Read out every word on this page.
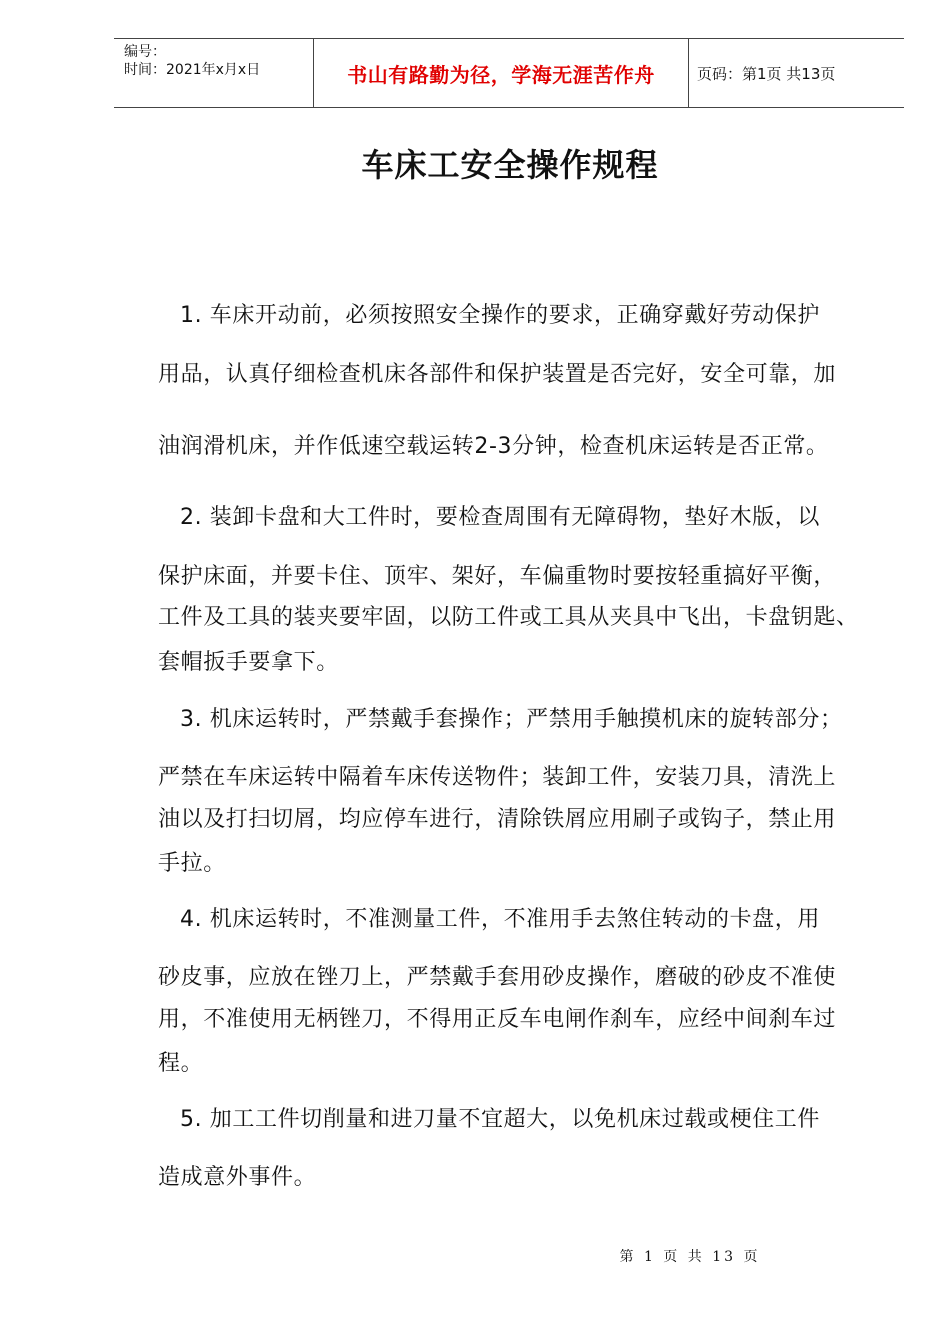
编号：
时间：2021年x月x日	书山有路勤为径，学海无涯苦作舟	页码：第1页 共13页
车床工安全操作规程
1. 车床开动前，必须按照安全操作的要求，正确穿戴好劳动保护
用品，认真仔细检查机床各部件和保护装置是否完好，安全可靠，加
油润滑机床，并作低速空载运转2-3分钟，检查机床运转是否正常。
2. 装卸卡盘和大工件时，要检查周围有无障碍物，垫好木版，以
保护床面，并要卡住、顶牢、架好，车偏重物时要按轻重搞好平衡，
工件及工具的装夹要牢固，以防工件或工具从夹具中飞出，卡盘钥匙、
套帽扳手要拿下。
3. 机床运转时，严禁戴手套操作；严禁用手触摸机床的旋转部分；
严禁在车床运转中隔着车床传送物件；装卸工件，安装刀具，清洗上
油以及打扫切屑，均应停车进行，清除铁屑应用刷子或钩子，禁止用
手拉。
4. 机床运转时，不准测量工件，不准用手去煞住转动的卡盘，用
砂皮事，应放在锉刀上，严禁戴手套用砂皮操作，磨破的砂皮不准使
用，不准使用无柄锉刀，不得用正反车电闸作刹车，应经中间刹车过
程。
5. 加工工件切削量和进刀量不宜超大，以免机床过载或梗住工件
造成意外事件。
第 1 页 共 13 页
